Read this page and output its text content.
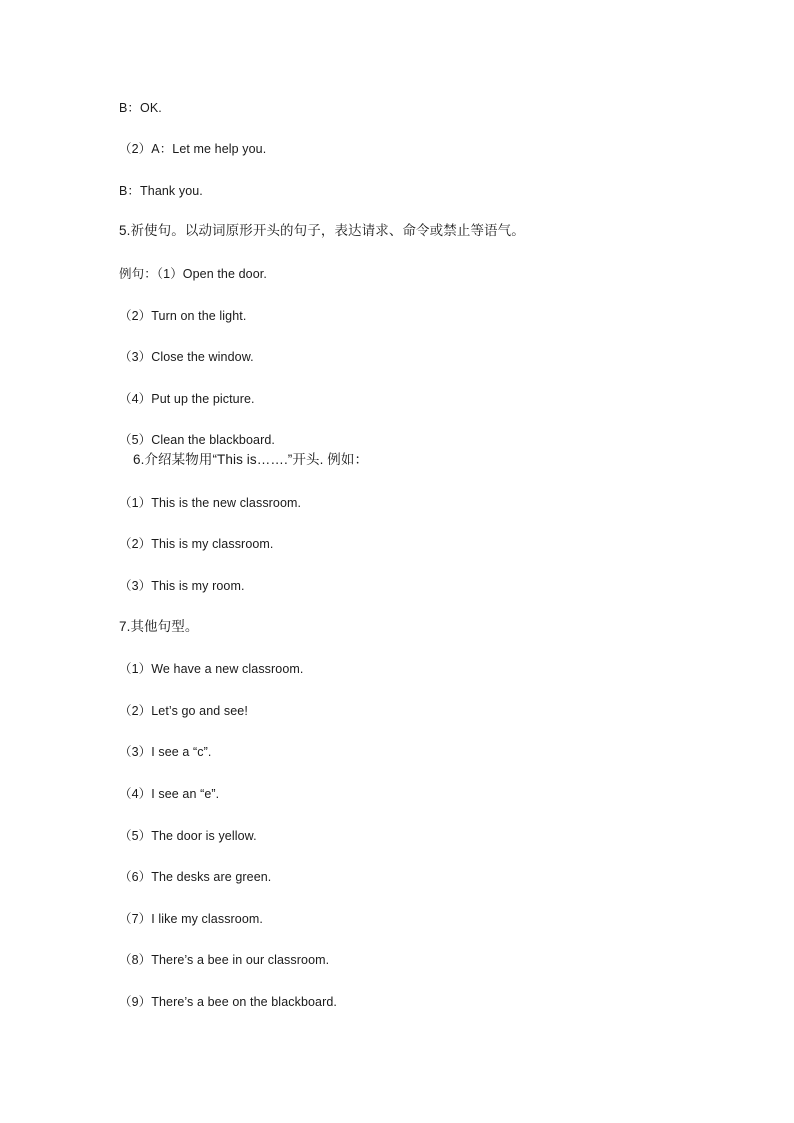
B：OK.
（2）A：Let me help you.
B：Thank you.
5.祈使句。以动词原形开头的句子，表达请求、命令或禁止等语气。
例句：（1）Open the door.
（2）Turn on the light.
（3）Close the window.
（4）Put up the picture.
（5）Clean the blackboard.
6.介绍某物用“This is…….”开头. 例如：
（1）This is the new classroom.
（2）This is my classroom.
（3）This is my room.
7.其他句型。
（1）We have a new classroom.
（2）Let’s go and see!
（3）I see a “c”.
（4）I see an “e”.
（5）The door is yellow.
（6）The desks are green.
（7）I like my classroom.
（8）There’s a bee in our classroom.
（9）There’s a bee on the blackboard.
